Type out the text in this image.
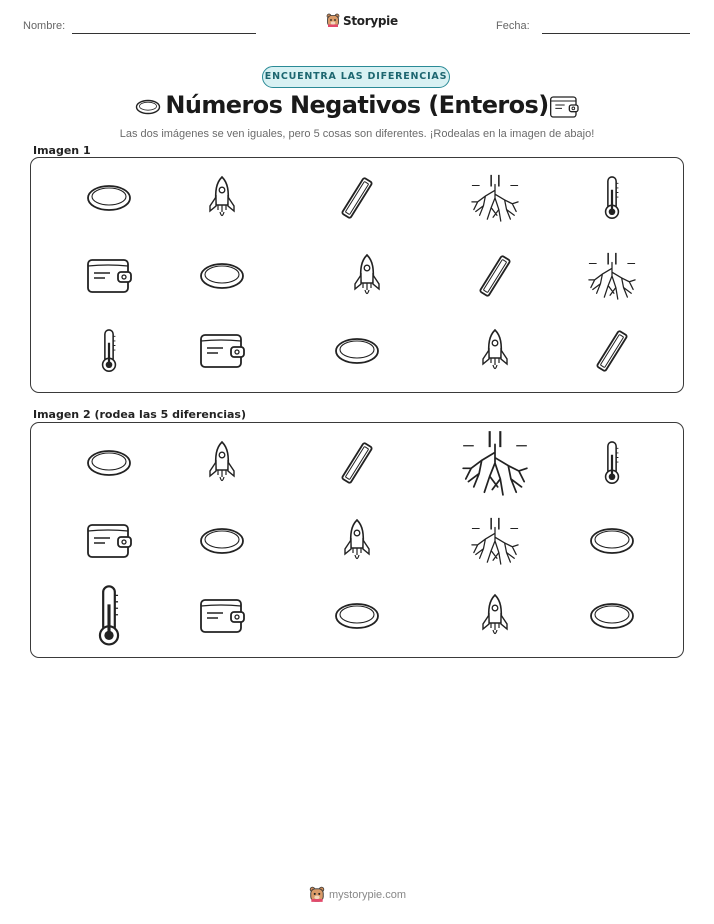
Nombre:	Storypie	Fecha:
ENCUENTRA LAS DIFERENCIAS
Números Negativos (Enteros)
Las dos imágenes se ven iguales, pero 5 cosas son diferentes. ¡Rodealas en la imagen de abajo!
Imagen 1
Imagen 2 (rodea las 5 diferencias)
mystorypie.com
